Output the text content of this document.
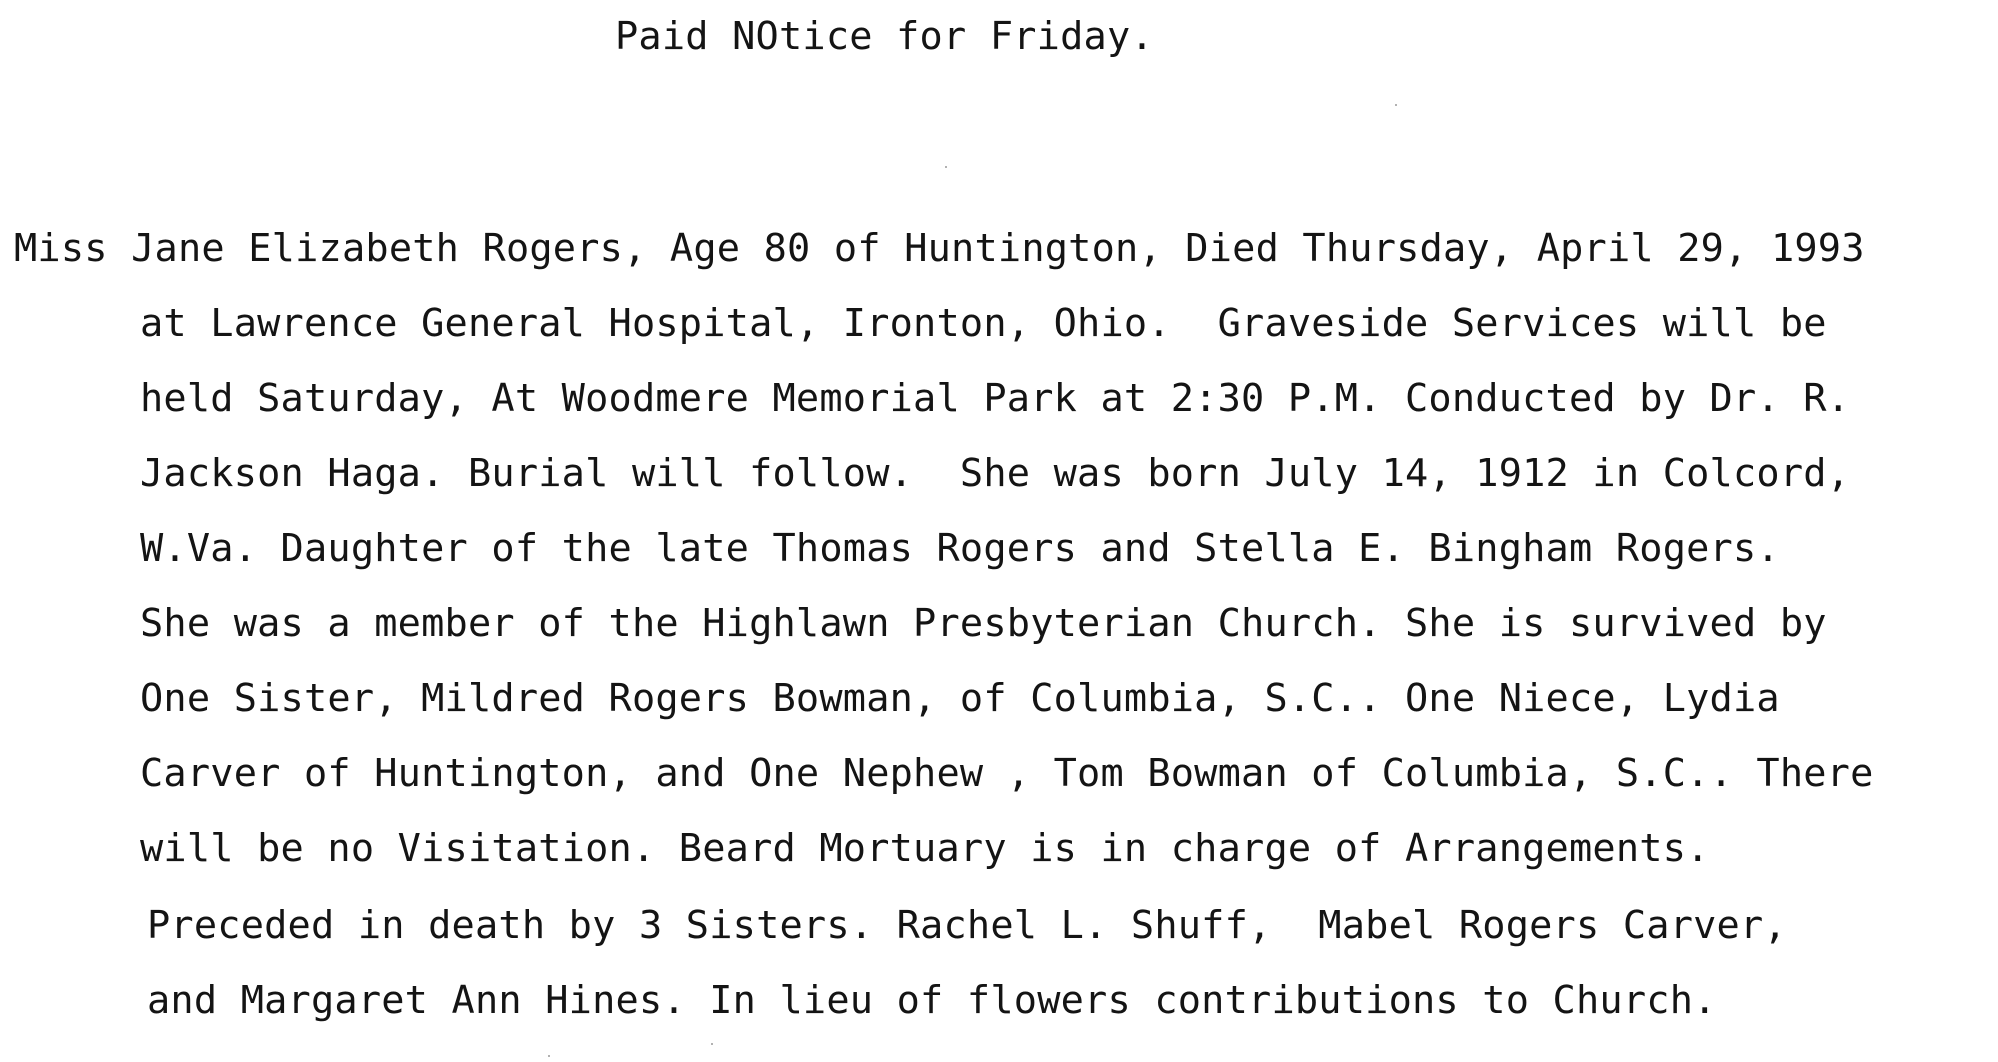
Paid NOtice for Friday.
Miss Jane Elizabeth Rogers, Age 80 of Huntington, Died Thursday, April 29, 1993
at Lawrence General Hospital, Ironton, Ohio.  Graveside Services will be
held Saturday, At Woodmere Memorial Park at 2:30 P.M. Conducted by Dr. R.
Jackson Haga. Burial will follow.  She was born July 14, 1912 in Colcord,
W.Va. Daughter of the late Thomas Rogers and Stella E. Bingham Rogers.
She was a member of the Highlawn Presbyterian Church. She is survived by
One Sister, Mildred Rogers Bowman, of Columbia, S.C.. One Niece, Lydia
Carver of Huntington, and One Nephew , Tom Bowman of Columbia, S.C.. There
will be no Visitation. Beard Mortuary is in charge of Arrangements.
Preceded in death by 3 Sisters. Rachel L. Shuff,  Mabel Rogers Carver,
and Margaret Ann Hines. In lieu of flowers contributions to Church.
